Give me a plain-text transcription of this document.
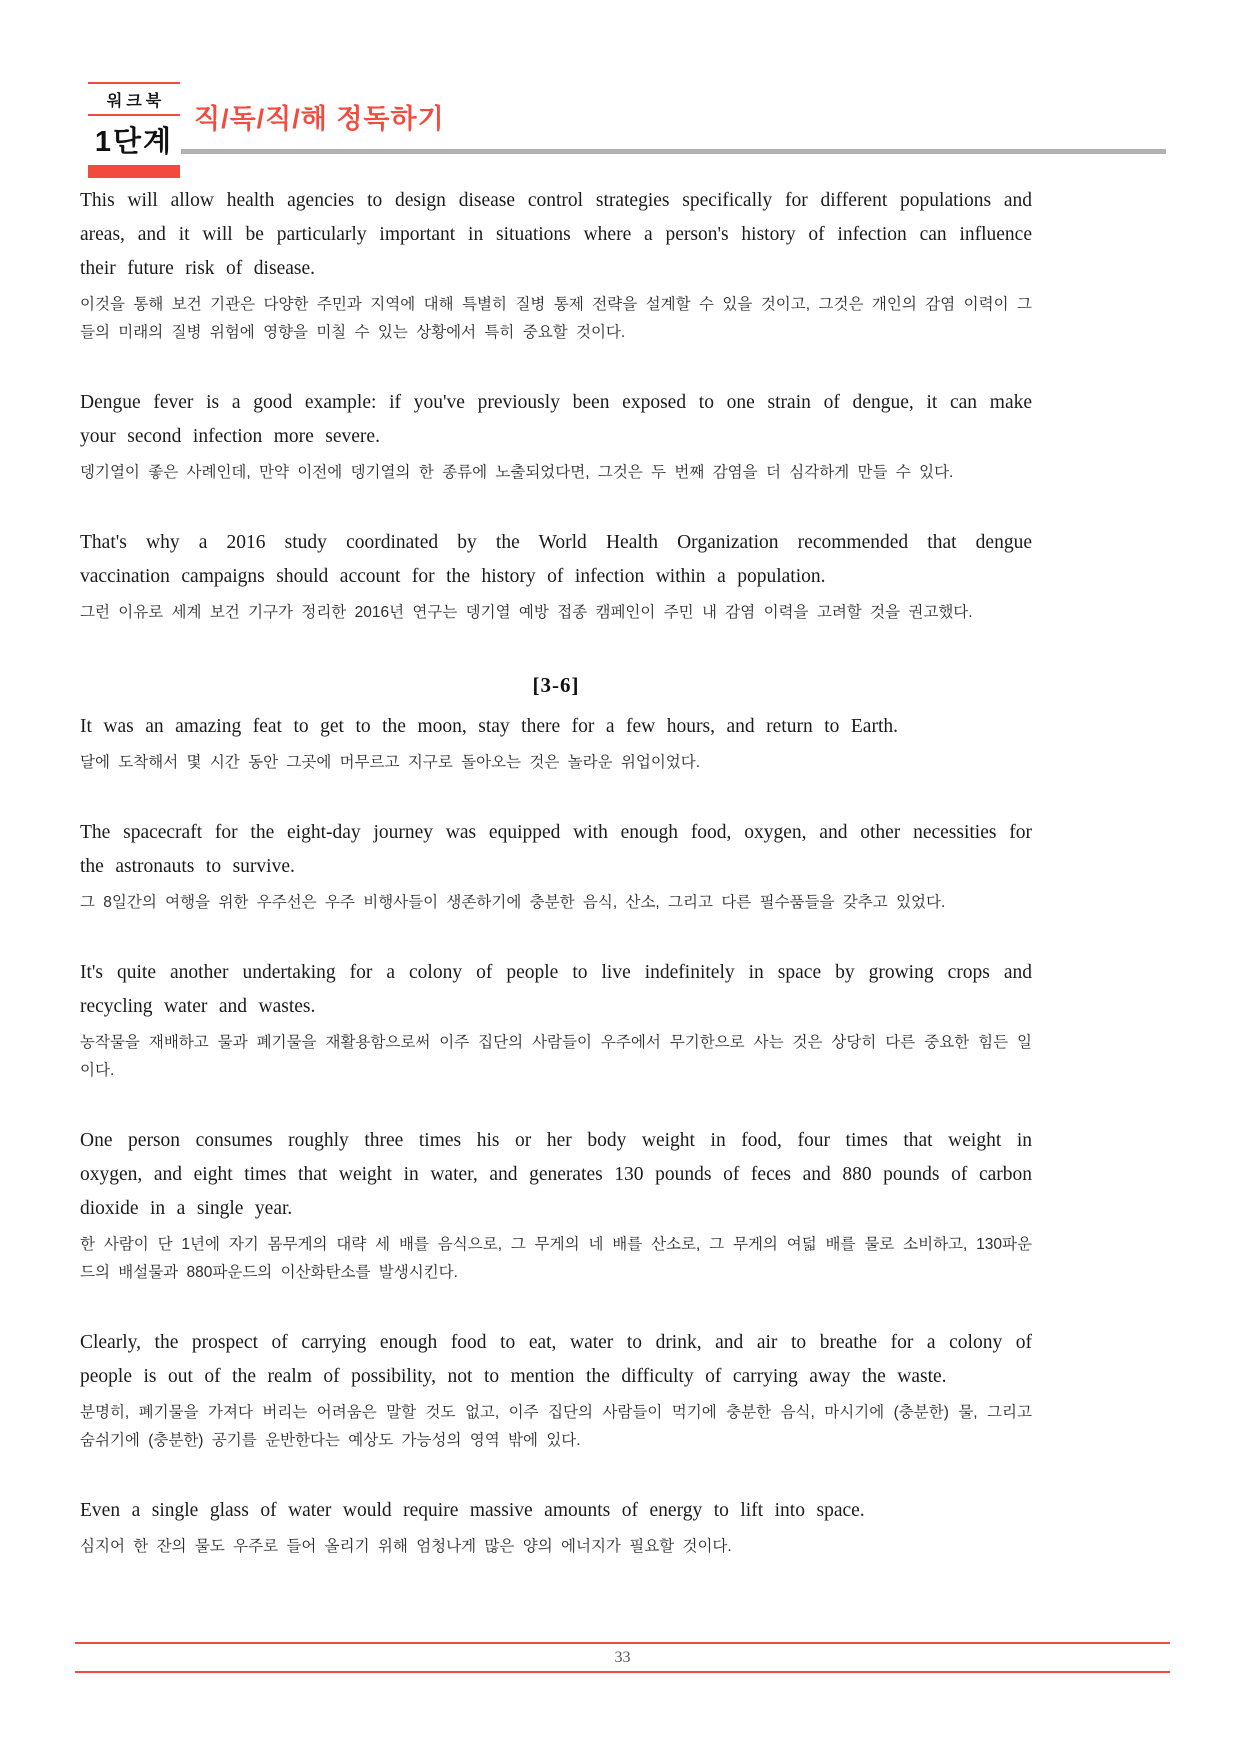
워크북
1단계
직/독/직/해 정독하기

This will allow health agencies to design disease control strategies specifically for different populations and areas, and it will be particularly important in situations where a person's history of infection can influence their future risk of disease.

이것을 통해 보건 기관은 다양한 주민과 지역에 대해 특별히 질병 통제 전략을 설계할 수 있을 것이고, 그것은 개인의 감염 이력이 그들의 미래의 질병 위험에 영향을 미칠 수 있는 상황에서 특히 중요할 것이다.

Dengue fever is a good example: if you've previously been exposed to one strain of dengue, it can make your second infection more severe.

뎅기열이 좋은 사례인데, 만약 이전에 뎅기열의 한 종류에 노출되었다면, 그것은 두 번째 감염을 더 심각하게 만들 수 있다.

That's why a 2016 study coordinated by the World Health Organization recommended that dengue vaccination campaigns should account for the history of infection within a population.

그런 이유로 세계 보건 기구가 정리한 2016년 연구는 뎅기열 예방 접종 캠페인이 주민 내 감염 이력을 고려할 것을 권고했다.

[3-6]

It was an amazing feat to get to the moon, stay there for a few hours, and return to Earth.

달에 도착해서 몇 시간 동안 그곳에 머무르고 지구로 돌아오는 것은 놀라운 위업이었다.

The spacecraft for the eight-day journey was equipped with enough food, oxygen, and other necessities for the astronauts to survive.

그 8일간의 여행을 위한 우주선은 우주 비행사들이 생존하기에 충분한 음식, 산소, 그리고 다른 필수품들을 갖추고 있었다.

It's quite another undertaking for a colony of people to live indefinitely in space by growing crops and recycling water and wastes.

농작물을 재배하고 물과 폐기물을 재활용함으로써 이주 집단의 사람들이 우주에서 무기한으로 사는 것은 상당히 다른 중요한 힘든 일이다.

One person consumes roughly three times his or her body weight in food, four times that weight in oxygen, and eight times that weight in water, and generates 130 pounds of feces and 880 pounds of carbon dioxide in a single year.

한 사람이 단 1년에 자기 몸무게의 대략 세 배를 음식으로, 그 무게의 네 배를 산소로, 그 무게의 여덟 배를 물로 소비하고, 130파운드의 배설물과 880파운드의 이산화탄소를 발생시킨다.

Clearly, the prospect of carrying enough food to eat, water to drink, and air to breathe for a colony of people is out of the realm of possibility, not to mention the difficulty of carrying away the waste.

분명히, 폐기물을 가져다 버리는 어려움은 말할 것도 없고, 이주 집단의 사람들이 먹기에 충분한 음식, 마시기에 (충분한) 물, 그리고 숨쉬기에 (충분한) 공기를 운반한다는 예상도 가능성의 영역 밖에 있다.

Even a single glass of water would require massive amounts of energy to lift into space.

심지어 한 잔의 물도 우주로 들어 올리기 위해 엄청나게 많은 양의 에너지가 필요할 것이다.

33
